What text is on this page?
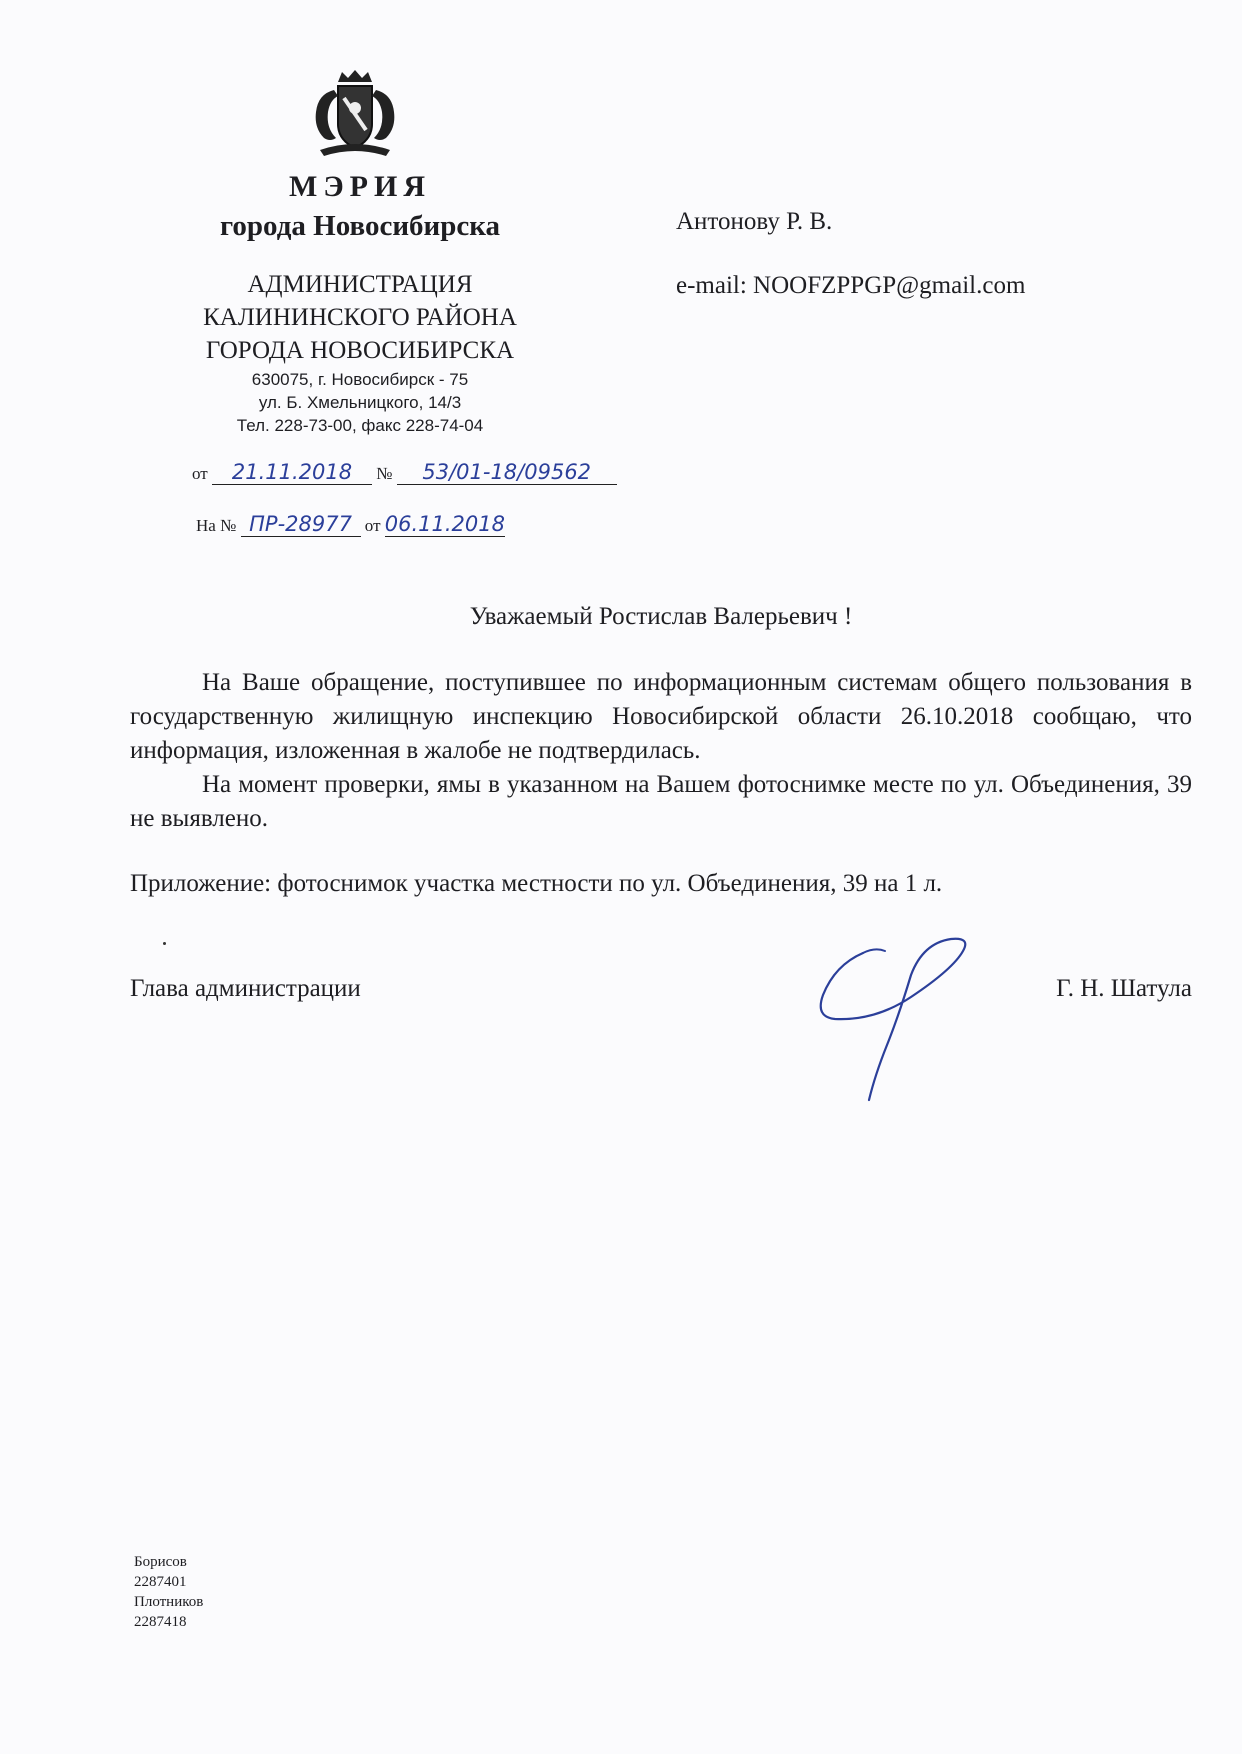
МЭРИЯ
города Новосибирска
АДМИНИСТРАЦИЯ
КАЛИНИНСКОГО РАЙОНА
ГОРОДА НОВОСИБИРСКА
630075, г. Новосибирск - 75
ул. Б. Хмельницкого, 14/3
Тел. 228-73-00, факс 228-74-04
от 21.11.2018 № 53/01-18/09562
На № ПР-28977 от 06.11.2018
Антонову Р. В.
e-mail: NOOFZPPGP@gmail.com
Уважаемый Ростислав Валерьевич !
На Ваше обращение, поступившее по информационным системам общего пользования в государственную жилищную инспекцию Новосибирской области 26.10.2018 сообщаю, что информация, изложенная в жалобе не подтвердилась.
На момент проверки, ямы в указанном на Вашем фотоснимке месте по ул. Объединения, 39 не выявлено.
Приложение: фотоснимок участка местности по ул. Объединения, 39 на 1 л.
Глава администрации	Г. Н. Шатула
Борисов
2287401
Плотников
2287418
